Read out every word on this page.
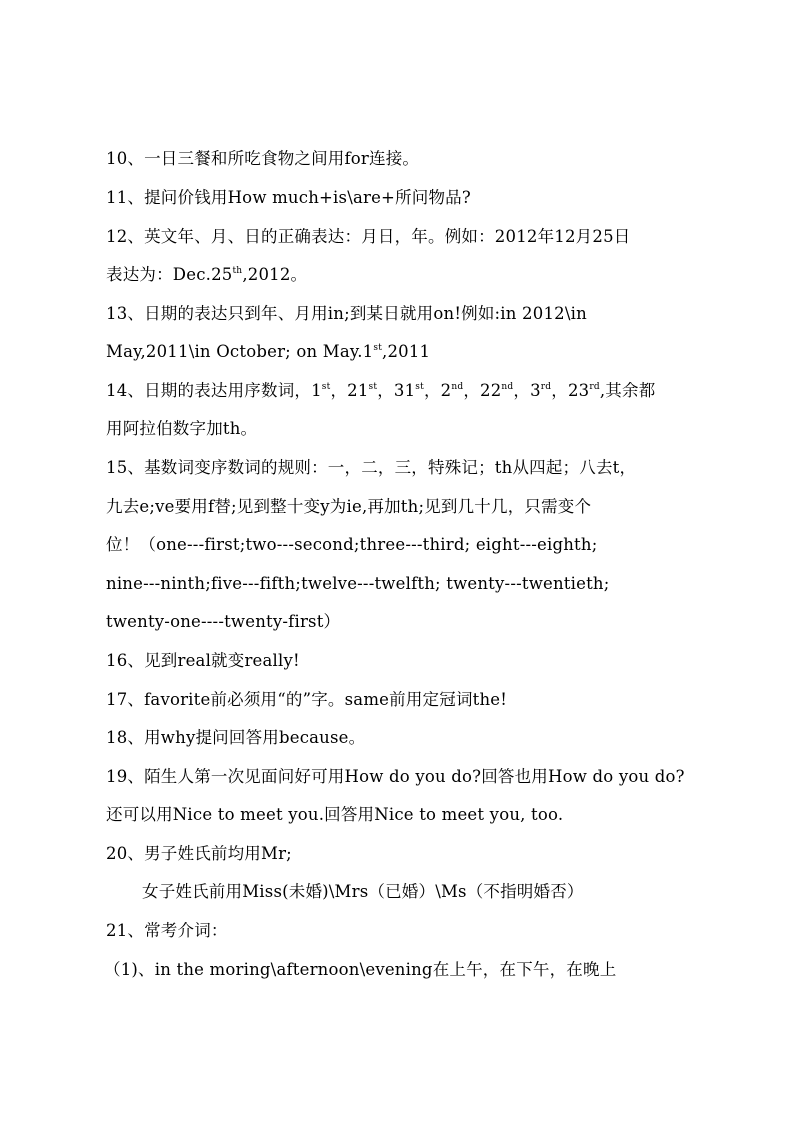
10、一日三餐和所吃食物之间用for连接。
11、提问价钱用How much+is\are+所问物品?
12、英文年、月、日的正确表达：月日，年。例如：2012年12月25日
表达为：Dec.25th,2012。
13、日期的表达只到年、月用in;到某日就用on!例如:in 2012\in
May,2011\in October; on May.1st,2011
14、日期的表达用序数词，1st，21st，31st，2nd，22nd，3rd，23rd,其余都
用阿拉伯数字加th。
15、基数词变序数词的规则：一，二，三，特殊记；th从四起；八去t，
九去e;ve要用f替;见到整十变y为ie,再加th;见到几十几，只需变个
位！（one---first;two---second;three---third; eight---eighth;
nine---ninth;five---fifth;twelve---twelfth; twenty---twentieth;
twenty-one----twenty-first）
16、见到real就变really!
17、favorite前必须用“的”字。same前用定冠词the!
18、用why提问回答用because。
19、陌生人第一次见面问好可用How do you do?回答也用How do you do?
还可以用Nice to meet you.回答用Nice to meet you, too.
20、男子姓氏前均用Mr;
女子姓氏前用Miss(未婚)\Mrs（已婚）\Ms（不指明婚否）
21、常考介词：
（1)、in the moring\afternoon\evening在上午，在下午，在晚上
